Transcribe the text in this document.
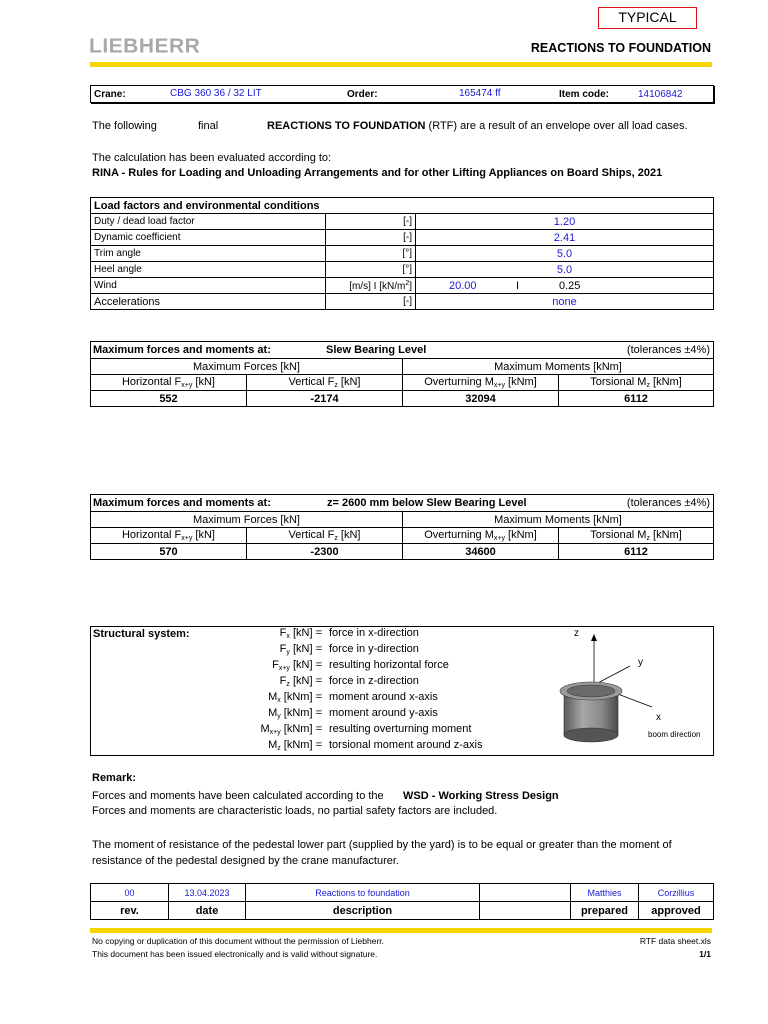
TYPICAL
LIEBHERR	REACTIONS TO FOUNDATION
Crane:	CBG 360 36 / 32 LIT	Order:	165474 ff	Item code:	14106842
The following	final	REACTIONS TO FOUNDATION (RTF) are a result of an envelope over all load cases.
The calculation has been evaluated according to:
RINA - Rules for Loading and Unloading Arrangements and for other Lifting Appliances on Board Ships, 2021
Load factors and environmental conditions		
Duty / dead load factor	[-]	1.20
Dynamic coefficient	[-]	2.41
Trim angle	[°]	5.0
Heel angle	[°]	5.0
Wind	[m/s] I $[kN/m^2]$	20.00 I 0.25

Accelerations	[-]	none
Maximum forces and moments at: Slew Bearing Level (tolerances ±4%)			

Maximum Forces [kN]		Maximum Moments [kNm]	
Horizontal $F_{x+y}$ [kN]	Vertical $F_z$ [kN]	Overturning $M_{x+y}$ [kNm]	Torsional $M_z$ [kNm]
552	-2174	32094	6112
Maximum forces and moments at: z= 2600 mm below Slew Bearing Level (tolerances ±4%)			

Maximum Forces [kN]		Maximum Moments [kNm]	
Horizontal $F_{x+y}$ [kN]	Vertical $F_z$ [kN]	Overturning $M_{x+y}$ [kNm]	Torsional $M_z$ [kNm]
570	-2300	34600	6112
Structural system:	$F_x$ [kN] = force in x-direction
$F_y$ [kN] = force in y-direction
$F_{x+y}$ [kN] = resulting horizontal force
$F_z$ [kN] = force in z-direction
$M_x$ [kNm] = moment around x-axis
$M_y$ [kNm] = moment around y-axis
$M_{x+y}$ [kNm] = resulting overturning moment
$M_z$ [kNm] = torsional moment around z-axis
z
y
x
boom direction
Remark:
Forces and moments have been calculated according to the WSD - Working Stress Design
Forces and moments are characteristic loads, no partial safety factors are included.
The moment of resistance of the pedestal lower part (supplied by the yard) is to be equal or greater than the moment of resistance of the pedestal designed by the crane manufacturer.
00	13.04.2023	Reactions to foundation		Matthies	Corzillius
rev.	date	description		prepared	approved
No copying or duplication of this document without the permission of Liebherr.
This document has been issued electronically and is valid without signature.
RTF data sheet.xls
1/1
